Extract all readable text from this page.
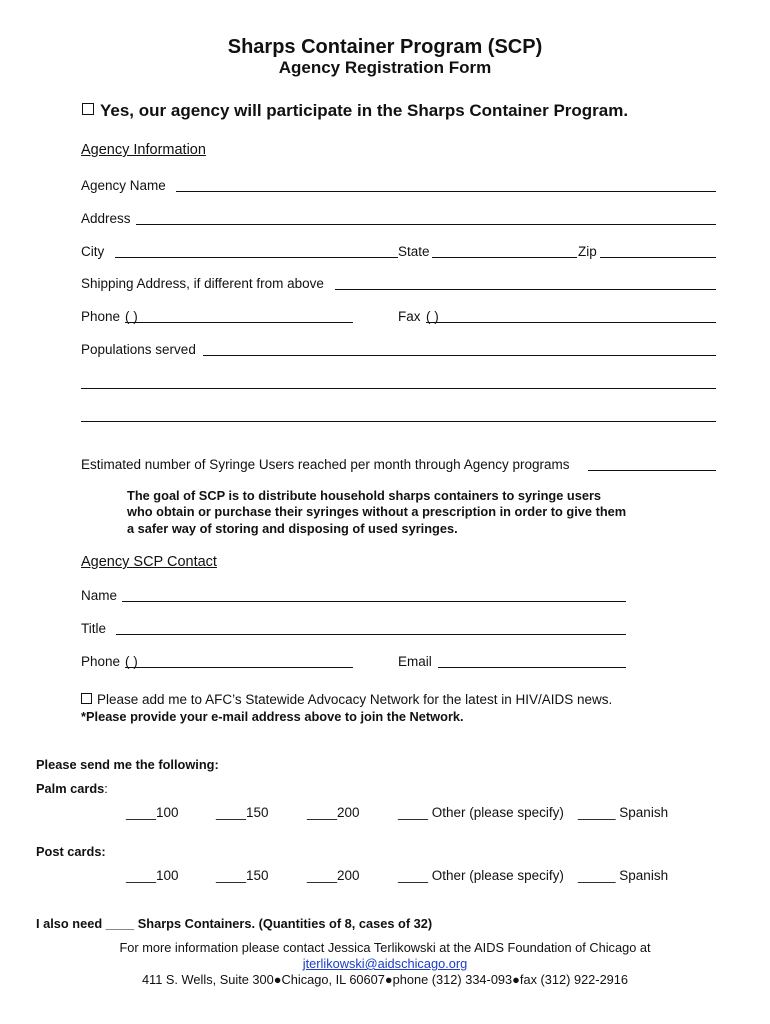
Sharps Container Program (SCP)
Agency Registration Form
Yes, our agency will participate in the Sharps Container Program.
Agency Information
Agency Name
Address
City	State	Zip
Shipping Address, if different from above
Phone ( )	Fax ( )
Populations served
Estimated number of Syringe Users reached per month through Agency programs
The goal of SCP is to distribute household sharps containers to syringe users
who obtain or purchase their syringes without a prescription in order to give them
a safer way of storing and disposing of used syringes.
Agency SCP Contact
Name
Title
Phone ( )	Email
Please add me to AFC’s Statewide Advocacy Network for the latest in HIV/AIDS news.
*Please provide your e-mail address above to join the Network.
Please send me the following:
Palm cards:
____100	____150	____200	____ Other (please specify) _____ Spanish
Post cards:
____100	____150	____200	____ Other (please specify) _____ Spanish
I also need ____ Sharps Containers. (Quantities of 8, cases of 32)
For more information please contact Jessica Terlikowski at the AIDS Foundation of Chicago at
jterlikowski@aidschicago.org
411 S. Wells, Suite 300●Chicago, IL 60607●phone (312) 334-093●fax (312) 922-2916
